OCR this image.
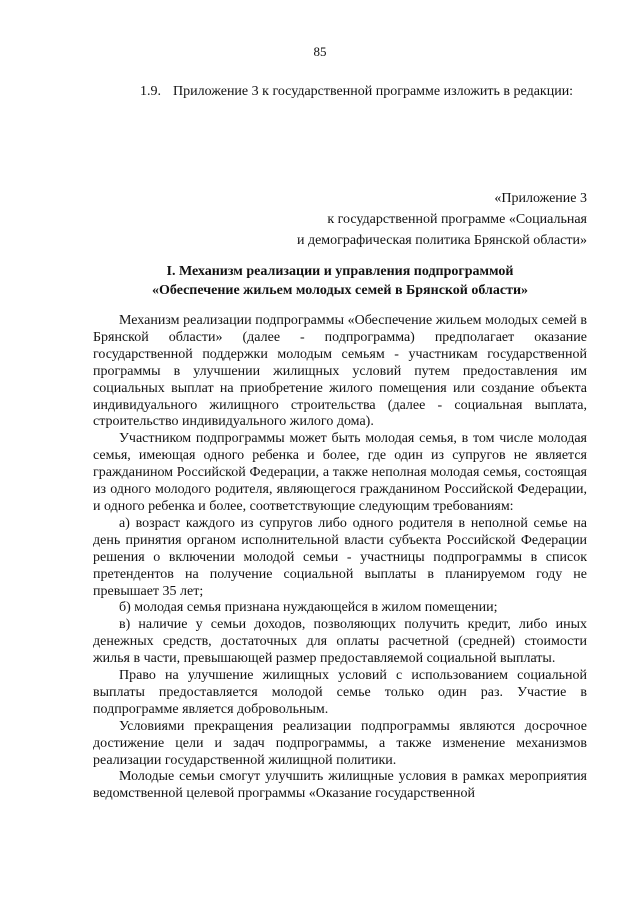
85
1.9. Приложение 3 к государственной программе изложить в редакции:
«Приложение 3
к государственной программе «Социальная
и демографическая политика Брянской области»
I. Механизм реализации и управления подпрограммой
«Обеспечение жильем молодых семей в Брянской области»

Механизм реализации подпрограммы «Обеспечение жильем молодых семей в Брянской области» (далее - подпрограмма) предполагает оказание государственной поддержки молодым семьям - участникам государственной программы в улучшении жилищных условий путем предоставления им социальных выплат на приобретение жилого помещения или создание объекта индивидуального жилищного строительства (далее - социальная выплата, строительство индивидуального жилого дома).

Участником подпрограммы может быть молодая семья, в том числе молодая семья, имеющая одного ребенка и более, где один из супругов не является гражданином Российской Федерации, а также неполная молодая семья, состоящая из одного молодого родителя, являющегося гражданином Российской Федерации, и одного ребенка и более, соответствующие следующим требованиям:

а) возраст каждого из супругов либо одного родителя в неполной семье на день принятия органом исполнительной власти субъекта Российской Федерации решения о включении молодой семьи - участницы подпрограммы в список претендентов на получение социальной выплаты в планируемом году не превышает 35 лет;

б) молодая семья признана нуждающейся в жилом помещении;

в) наличие у семьи доходов, позволяющих получить кредит, либо иных денежных средств, достаточных для оплаты расчетной (средней) стоимости жилья в части, превышающей размер предоставляемой социальной выплаты.

Право на улучшение жилищных условий с использованием социальной выплаты предоставляется молодой семье только один раз. Участие в подпрограмме является добровольным.

Условиями прекращения реализации подпрограммы являются досрочное достижение цели и задач подпрограммы, а также изменение механизмов реализации государственной жилищной политики.

Молодые семьи смогут улучшить жилищные условия в рамках мероприятия ведомственной целевой программы «Оказание государственной
